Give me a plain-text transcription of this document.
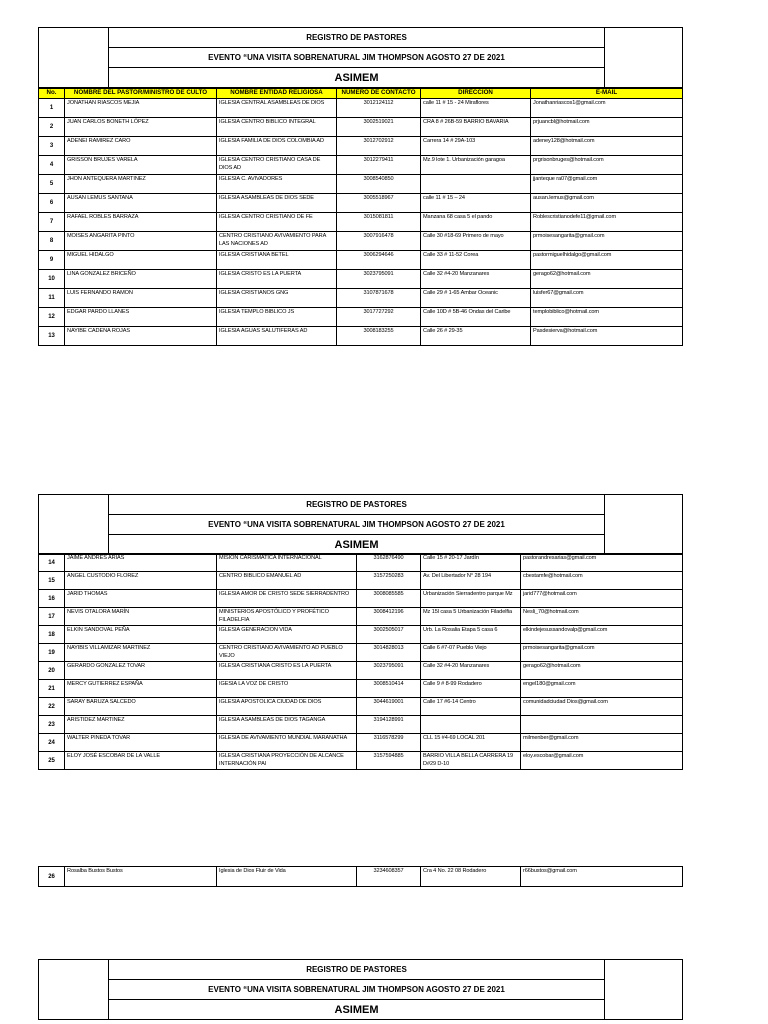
	REGISTRO DE PASTORES	
EVENTO “UNA VISITA SOBRENATURAL JIM THOMPSON AGOSTO 27 DE 2021
ASIMEM
No.	NOMBRE DEL PASTOR/MINISTRO DE CULTO	NOMBRE ENTIDAD RELIGIOSA	NUMERO DE CONTACTO	DIRECCIÓN	E-MAIL
1	JONATHAN RIASCOS MEJIA	IGLESIA CENTRAL ASAMBLEAS DE DIOS	3012124112	calle 11 # 15 - 24 Miraflores	Jonathanriascos1@gmail.com
2	JUAN CARLOS BONETH LÓPEZ	IGLESIA CENTRO BIBLICO INTEGRAL	3002519021	CRA 8 # 26B-59 BARRIO BAVARIA	prjuancbl@hotmail.com
3	ADENEI RAMIREZ CARO	IGLESIA FAMILIA DE DIOS COLOMBIA AD	3012702912	Carrera 14 # 29A-103	adeney128@hotmail.com
4	GRISSON BRUJES VARELA	IGLESIA CENTRO CRISTIANO CASA DE DIOS AD	3012279411	Mz.9 lote 1. Urbanización garagoa	prgrisonbruges@hotmail.com
5	JHON ANTEQUERA MARTINEZ	IGLESIA C. AVIVADORES	3008540850		jjanteque ra07@gmail.com
6	AUSAN LEMUS SANTANA	IGLESIA ASAMBLEAS DE DIOS SEDE	3005518967	calle 11 # 15 – 24	ausan.lemus@gmail.com
7	RAFAEL ROBLES BARRAZA	IGLESIA CENTRO CRISTIANO DE FE	3015081811	Manzana 68 casa 5 el pando	Roblescristianodefe11@gmail.com
8	MOISES ANGARITA PINTO	CENTRO CRISTIANO AVIVAMIENTO PARA LAS NACIONES AD	3007916478	Calle 30 #18-69 Primero de mayo	prmoisesangarita@gmail.com
9	MIGUEL HIDALGO	IGLESIA CRISTIANA BETEL	3006294646	Calle 33 # 11-52 Corea	pastormiguelhidalgo@gmail.com
10	LINA GONZALEZ BRICEÑO	IGLESIA CRISTO ES LA PUERTA	3023795091	Calle 32 #4-20 Manzanares	gerago62@hotmail.com
11	LUIS FERNANDO RAMON	IGLESIA CRISTIANOS GNG	3107871678	Calle 29 # 1-65 Ambar Oceanic	luisfer67@gmail.com
12	EDGAR PARDO LLANES	IGLESIA TEMPLO BIBLICO JS	3017727292	Calle 10D # 5B-46 Ondas del Caribe	templobiblico@hotmail.com
13	NAYIBE CADENA ROJAS	IGLESIA AGUAS SALUTIFERAS AD	3008183255	Calle 26 # 29-35	Pasdesierva@hotmail.com
	REGISTRO DE PASTORES	
EVENTO “UNA VISITA SOBRENATURAL JIM THOMPSON AGOSTO 27 DE 2021
ASIMEM
14	JAIME ANDRES ARIAS	MISION CARISMATICA INTERNACIONAL	3162876490	Calle 15 # 20-17 Jardín	pastorandresarias@gmail.com
15	ANGEL CUSTODIO FLOREZ	CENTRO BIBLICO EMANUEL AD	3157250283	Av. Del Libertador N° 28 194	cbestamfe@hotmail.com
16	JARID THOMAS	IGLESIA AMOR DE CRISTO SEDE SIERRADENTRO	3008085585	Urbanización Sierradentro parque Mz	jarid777@hotmail.com
17	NEVIS OTALORA MARÍN	MINISTERIOS APOSTÓLICO Y PROFÉTICO FILADELFIA	3008412196	Mz 15l casa 5 Urbanización Filadelfia	Nesli_70@hotmail.com
18	ELKIN SANDOVAL PEÑA	IGLESIA GENERACION VIDA	3002505017	Urb. La Rosalia Etapa 5 casa 6	elkindejesussandovalp@gmail.com
19	NAYIBIS VILLAMIZAR MARTINEZ	CENTRO CRISTIANO AVIVAMIENTO AD PUEBLO VIEJO	3014828013	Calle 6 #7-07 Pueblo Viejo	prmoisesangarita@gmail.com
20	GERARDO GONZALEZ TOVAR	IGLESIA CRISTIANA CRISTO ES LA PUERTA	3023795091	Calle 32 #4-20 Manzanares	gerago62@hotmail.com
21	MERCY GUTIERREZ ESPAÑA	IGESIA LA VOZ DE CRISTO	3008510414	Calle 9 # 8-99 Rodadero	engel180@gmail.com
22	SARAY BARUZA SALCEDO	IGLESIA APOSTOLICA CIUDAD DE DIOS	3044619001	Calle 17 #6-14 Centro	comunidadciudad Dios@gmail.com
23	ARISTIDEZ MARTINEZ	IGLESIA ASAMBLEAS DE DIOS TAGANGA	3194128991		
24	WALTER PINEDA TOVAR	IGLESIA DE AVIVAMIENTO MUNDIAL MARANATHA	3116578299	CLL 15 #4-69 LOCAL 201	milmenber@gmail.com
25	ELOY JOSÉ ESCOBAR DE LA VALLE	IGLESIA CRISTIANA PROYECCIÓN DE ALCANCE INTERNACIÓN PAI	3157594885	BARRIO VILLA BELLA CARRERA 19 D#29 D-10	eloy.escobar@gmail.com
26	Rosalba Bustos Bustos	Iglesia de Dios Fluir de Vida	3234608357	Cra 4 No. 22 08 Rodadero	r66bustos@gmail.com
	REGISTRO DE PASTORES	
EVENTO “UNA VISITA SOBRENATURAL JIM THOMPSON AGOSTO 27 DE 2021
ASIMEM
